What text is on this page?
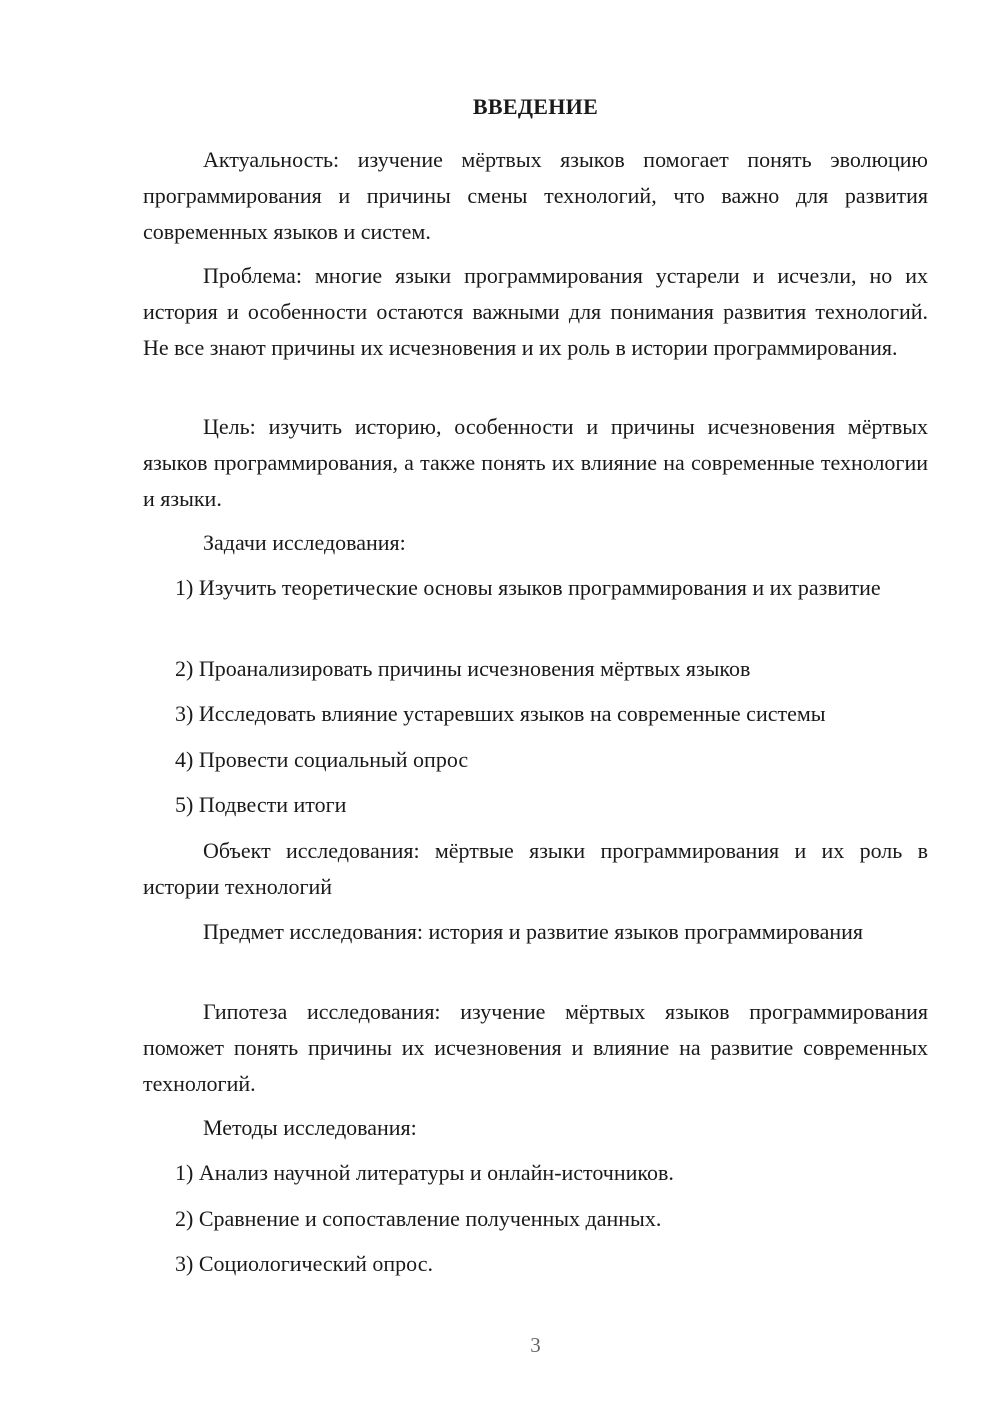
ВВЕДЕНИЕ
Актуальность: изучение мёртвых языков помогает понять эволюцию программирования и причины смены технологий, что важно для развития современных языков и систем.
Проблема: многие языки программирования устарели и исчезли, но их история и особенности остаются важными для понимания развития технологий. Не все знают причины их исчезновения и их роль в истории программирования.
Цель: изучить историю, особенности и причины исчезновения мёртвых языков программирования, а также понять их влияние на современные технологии и языки.
Задачи исследования:
1) Изучить теоретические основы языков программирования и их развитие
2) Проанализировать причины исчезновения мёртвых языков
3) Исследовать влияние устаревших языков на современные системы
4) Провести социальный опрос
5) Подвести итоги
Объект исследования: мёртвые языки программирования и их роль в истории технологий
Предмет исследования: история и развитие языков программирования
Гипотеза исследования: изучение мёртвых языков программирования поможет понять причины их исчезновения и влияние на развитие современных технологий.
Методы исследования:
1) Анализ научной литературы и онлайн-источников.
2) Сравнение и сопоставление полученных данных.
3) Социологический опрос.
3
